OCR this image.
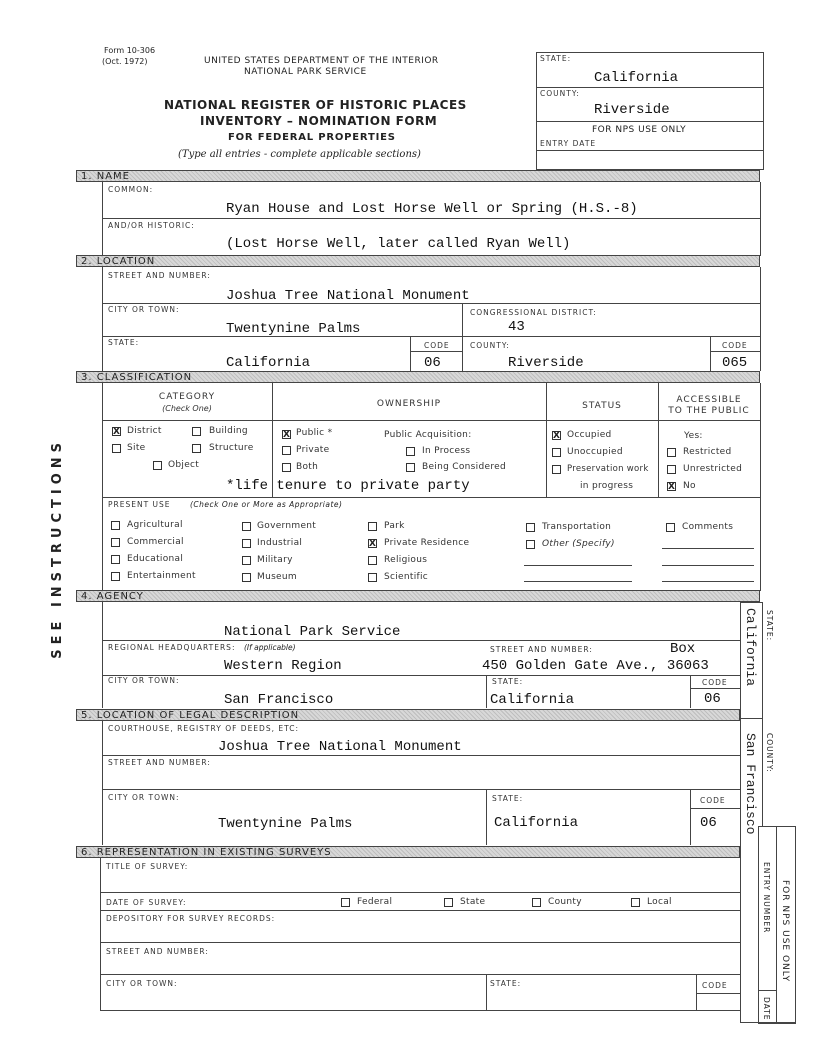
Form 10-306
(Oct. 1972)	UNITED STATES DEPARTMENT OF THE INTERIOR
NATIONAL PARK SERVICE
NATIONAL REGISTER OF HISTORIC PLACES
INVENTORY – NOMINATION FORM
FOR FEDERAL PROPERTIES
(Type all entries - complete applicable sections)
SEE INSTRUCTIONS
STATE:
California
COUNTY:
Riverside
FOR NPS USE ONLY
ENTRY DATE
1. NAME
COMMON:
Ryan House and Lost Horse Well or Spring (H.S.-8)
AND/OR HISTORIC:
(Lost Horse Well, later called Ryan Well)
2. LOCATION
STREET AND NUMBER:
Joshua Tree National Monument
CITY OR TOWN:
Twentynine Palms
CONGRESSIONAL DISTRICT:
43
STATE:
California
CODE
06
COUNTY:
Riverside
CODE
065
3. CLASSIFICATION
CATEGORY
(Check One)	OWNERSHIP	STATUS
ACCESSIBLE
TO THE PUBLIC
X District	Building
Site	Structure
Object
X Public *
Private
Both
Public Acquisition:
In Process
Being Considered
*life tenure to private party
X Occupied
Unoccupied
Preservation work
in progress
Yes:
Restricted
Unrestricted
X No
PRESENT USE	(Check One or More as Appropriate)
Agricultural
Commercial
Educational
Entertainment
Government
Industrial
Military
Museum
Park
X Private Residence
Religious
Scientific
Transportation
Other (Specify)
Comments
4. AGENCY
National Park Service
REGIONAL HEADQUARTERS: (If applicable)
Western Region
STREET AND NUMBER:	Box
450 Golden Gate Ave., 36063
CITY OR TOWN:
San Francisco
STATE:
California
CODE
06
5. LOCATION OF LEGAL DESCRIPTION
COURTHOUSE, REGISTRY OF DEEDS, ETC:
Joshua Tree National Monument
STREET AND NUMBER:
CITY OR TOWN:
Twentynine Palms
STATE:
California
CODE
06
6. REPRESENTATION IN EXISTING SURVEYS
TITLE OF SURVEY:
DATE OF SURVEY:	Federal	State	County	Local
DEPOSITORY FOR SURVEY RECORDS:
STREET AND NUMBER:
CITY OR TOWN:	STATE:	CODE
STATE:
California
COUNTY:
San Francisco
FOR NPS USE ONLY
ENTRY NUMBER
DATE
